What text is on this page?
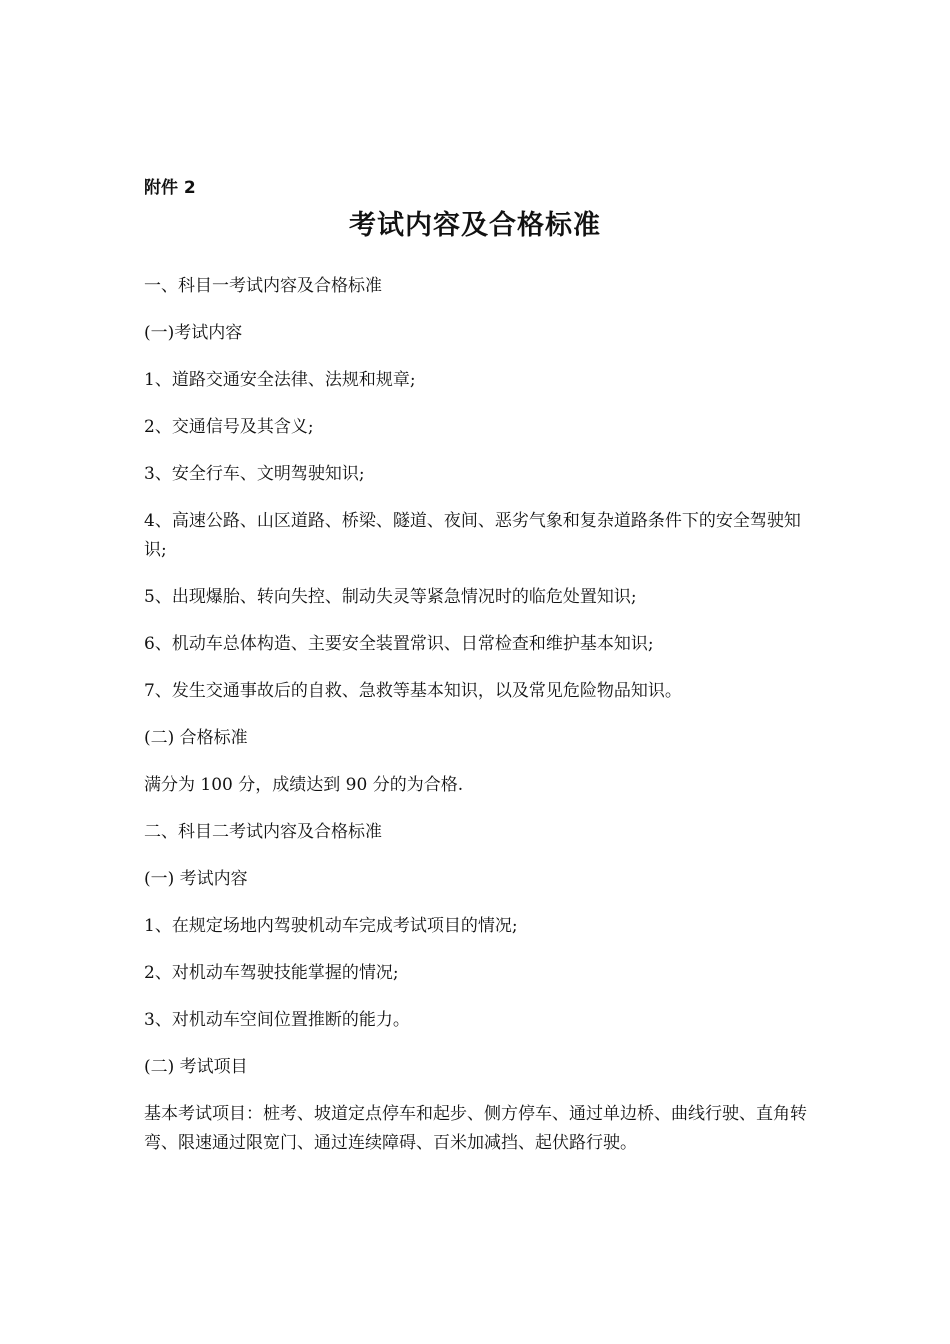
附件 2
考试内容及合格标准

一、科目一考试内容及合格标准

(一)考试内容

1、道路交通安全法律、法规和规章;

2、交通信号及其含义;

3、安全行车、文明驾驶知识;

4、高速公路、山区道路、桥梁、隧道、夜间、恶劣气象和复杂道路条件下的安全驾驶知识;

5、出现爆胎、转向失控、制动失灵等紧急情况时的临危处置知识;

6、机动车总体构造、主要安全装置常识、日常检查和维护基本知识;

7、发生交通事故后的自救、急救等基本知识，以及常见危险物品知识。

(二) 合格标准

满分为 100 分，成绩达到 90 分的为合格.

二、科目二考试内容及合格标准

(一) 考试内容

1、在规定场地内驾驶机动车完成考试项目的情况;

2、对机动车驾驶技能掌握的情况;

3、对机动车空间位置推断的能力。

(二) 考试项目

基本考试项目：桩考、坡道定点停车和起步、侧方停车、通过单边桥、曲线行驶、直角转弯、限速通过限宽门、通过连续障碍、百米加减挡、起伏路行驶。
